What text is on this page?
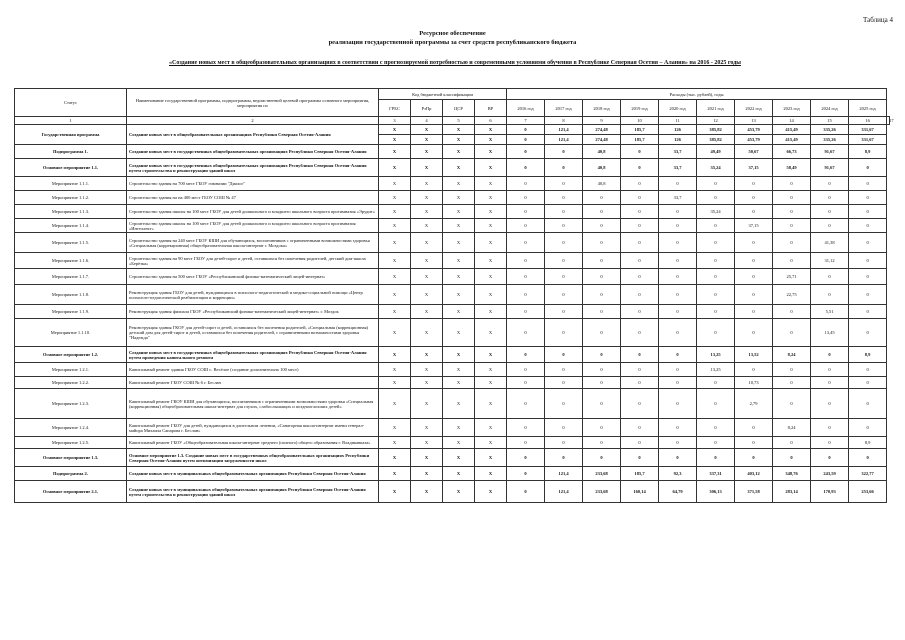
Таблица 4
Ресурсное обеспечение
реализации государственной программы за счет средств республиканского бюджета
«Создание новых мест в общеобразовательных организациях в соответствии с прогнозируемой потребностью и современными условиями обучения в Республике Северная Осетия – Алания» на 2016 - 2025 годы
Статус	Наименование государственной программы, подпрограммы, ведомственной целевой программы основного мероприятия, мероприятия по	Код бюджетной классификации				Расходы (тыс. рублей), годы										
		ГРБС	РзПр	ЦСР	ВР	2016 год	2017 год	2018 год	2019 год	2020 год	2021 год	2022 год	2023 год	2024 год	2025 год	
1	2	3	4	5	6	7	8	9	10	11	12	13	14	15	16	17
Государственная программа	Создание новых мест в общеобразовательных организациях Республики Северная Осетия-Алания	X	X	X	X	0	121,4	274,48	185,7	126	385,82	453,79	415,49	335,26	331,67	
		X	X	X	X	0	121,4	274,48	185,7	126	385,82	453,79	415,49	335,26	331,67	
Подпрограмма 1.	Создание новых мест в государственных общеобразовательных организациях Республики Северная Осетия-Алания	X	X	X	X	0	0	40,8	0	33,7	49,49	50,67	66,73	91,67	8,9	
Основное мероприятие 1.1.	Создание новых мест в государственных общеобразовательных организациях Республики Северная Осетия-Алания путем строительства и реконструкции зданий школ	X	X	X	X	0	0	40,8	0	33,7	35,24	37,15	58,49	91,67	0	
Мероприятие 1.1.1.	Строительство здания на 700 мест ГБОУ гимназии "Диалог"	X	X	X	X	0	0	40,8	0	0	0	0	0	0	0	
Мероприятие 1.1.2.	Строительство здания на на 400 мест ГБОУ СОШ № 47	X	X	X	X	0	0	0	0	33,7	0	0	0	0	0	
Мероприятие 1.1.3.	Строительство здания школы на 100 мест ГБОУ для детей дошкольного и младшего школьного возраста прогимназия «Эрудит»	X	X	X	X	0	0	0	0	0	35,24	0	0	0	0	
Мероприятие 1.1.4.	Строительство здания школы на 100 мест ГБОУ для детей дошкольного и младшего школьного возраста прогимназия «Интеллект»	X	X	X	X	0	0	0	0	0	0	37,15	0	0	0	
Мероприятие 1.1.5.	Строительство здания на 240 мест ГБОУ КШИ для обучающихся, воспитанников с ограниченными возможностями здоровья «Специальная (коррекционная) общеобразовательная школа-интернат г. Моздока»	X	X	X	X	0	0	0	0	0	0	0	0	41,38	0	
Мероприятие 1.1.6.	Строительство здания на 90 мест ГБОУ для детей-сирот и детей, оставшихся без попечения родителей, детский дом-школа «Берёзка»	X	X	X	X	0	0	0	0	0	0	0	0	31,12	0	
Мероприятие 1.1.7.	Строительство здания на 500 мест ГБОУ «Республиканский физико-математический лицей-интернат»	X	X	X	X	0	0	0	0	0	0	0	25,71	0	0	
Мероприятие 1.1.8.	Реконструкция здания ГБОУ для детей, нуждающихся в психолого-педагогической и медико-социальной помощи «Центр психолого-педагогической реабилитации и коррекции»	X	X	X	X	0	0	0	0	0	0	0	22,75	0	0	
Мероприятие 1.1.9.	Реконструкция здания филиала ГБОУ «Республиканский физико-математический лицей-интернат» г. Моздок	X	X	X	X	0	0	0	0	0	0	0	0	5,51	0	
Мероприятие 1.1.10.	Реконструкция здания ГКОУ для детей-сирот и детей, оставшихся без попечения родителей, «Специальная (коррекционная) детский дом для детей-сирот и детей, оставшихся без попечения родителей, с ограниченными возможностями здоровья "Надежда"	X	X	X	X	0	0	0	0	0	0	0	0	13,45	0	
Основное мероприятие 1.2.	Создание новых мест в государственных общеобразовательных организациях Республики Северная Осетия-Алания путем проведения капитального ремонта	X	X	X	X	0	0	0	0	0	13,25	13,52	8,24	0	8,9	
Мероприятие 1.2.1.	Капитальный ремонт здания ГБОУ СОШ с. Весёлое (создание дополнительно 100 мест)	X	X	X	X	0	0	0	0	0	13,25	0	0	0	0	
Мероприятие 1.2.2.	Капитальный ремонт ГБОУ СОШ № 6 г. Беслан	X	X	X	X	0	0	0	0	0	0	10,73	0	0	0	
Мероприятие 1.2.3.	Капитальный ремонт ГКОУ КШИ для обучающихся, воспитанников с ограниченными возможностями здоровья «Специальная (коррекционная) общеобразовательная школа-интернат для глухих, слабослышащих и позднооглохших детей»	X	X	X	X	0	0	0	0	0	0	2,79	0	0	0	
Мероприятие 1.2.4.	Капитальный ремонт ГБОУ для детей, нуждающихся в длительном лечении, «Санаторная школа-интернат имени генерал-майора Михаила Сапарова г. Беслан»	X	X	X	X	0	0	0	0	0	0	0	8,24	0	0	
Мероприятие 1.2.5.	Капитальный ремонт ГБОУ «Общеобразовательная школа-интернат среднего (полного) общего образования г. Владикавказа»	X	X	X	X	0	0	0	0	0	0	0	0	0	8,9	
Основное мероприятие 1.3.	Основное мероприятие 1.3. Создание новых мест в государственных общеобразовательных организациях Республики Северная Осетия-Алания путем оптимизации загруженности школ	X	X	X	X	0	0	0	0	0	0	0	0	0	0	
Подпрограмма 2.	Создание новых мест в муниципальных общеобразовательных организациях Республики Северная Осетия-Алания	X	X	X	X	0	121,4	233,68	185,7	92,3	337,31	403,12	348,76	243,59	322,77	
Основное мероприятие 2.1.	Создание новых мест в муниципальных общеобразовательных организациях Республики Северная Осетия-Алания путем строительства и реконструкции зданий школ	X	X	X	X	0	121,4	233,68	160,14	64,79	306,13	371,58	283,14	170,93	253,66	
